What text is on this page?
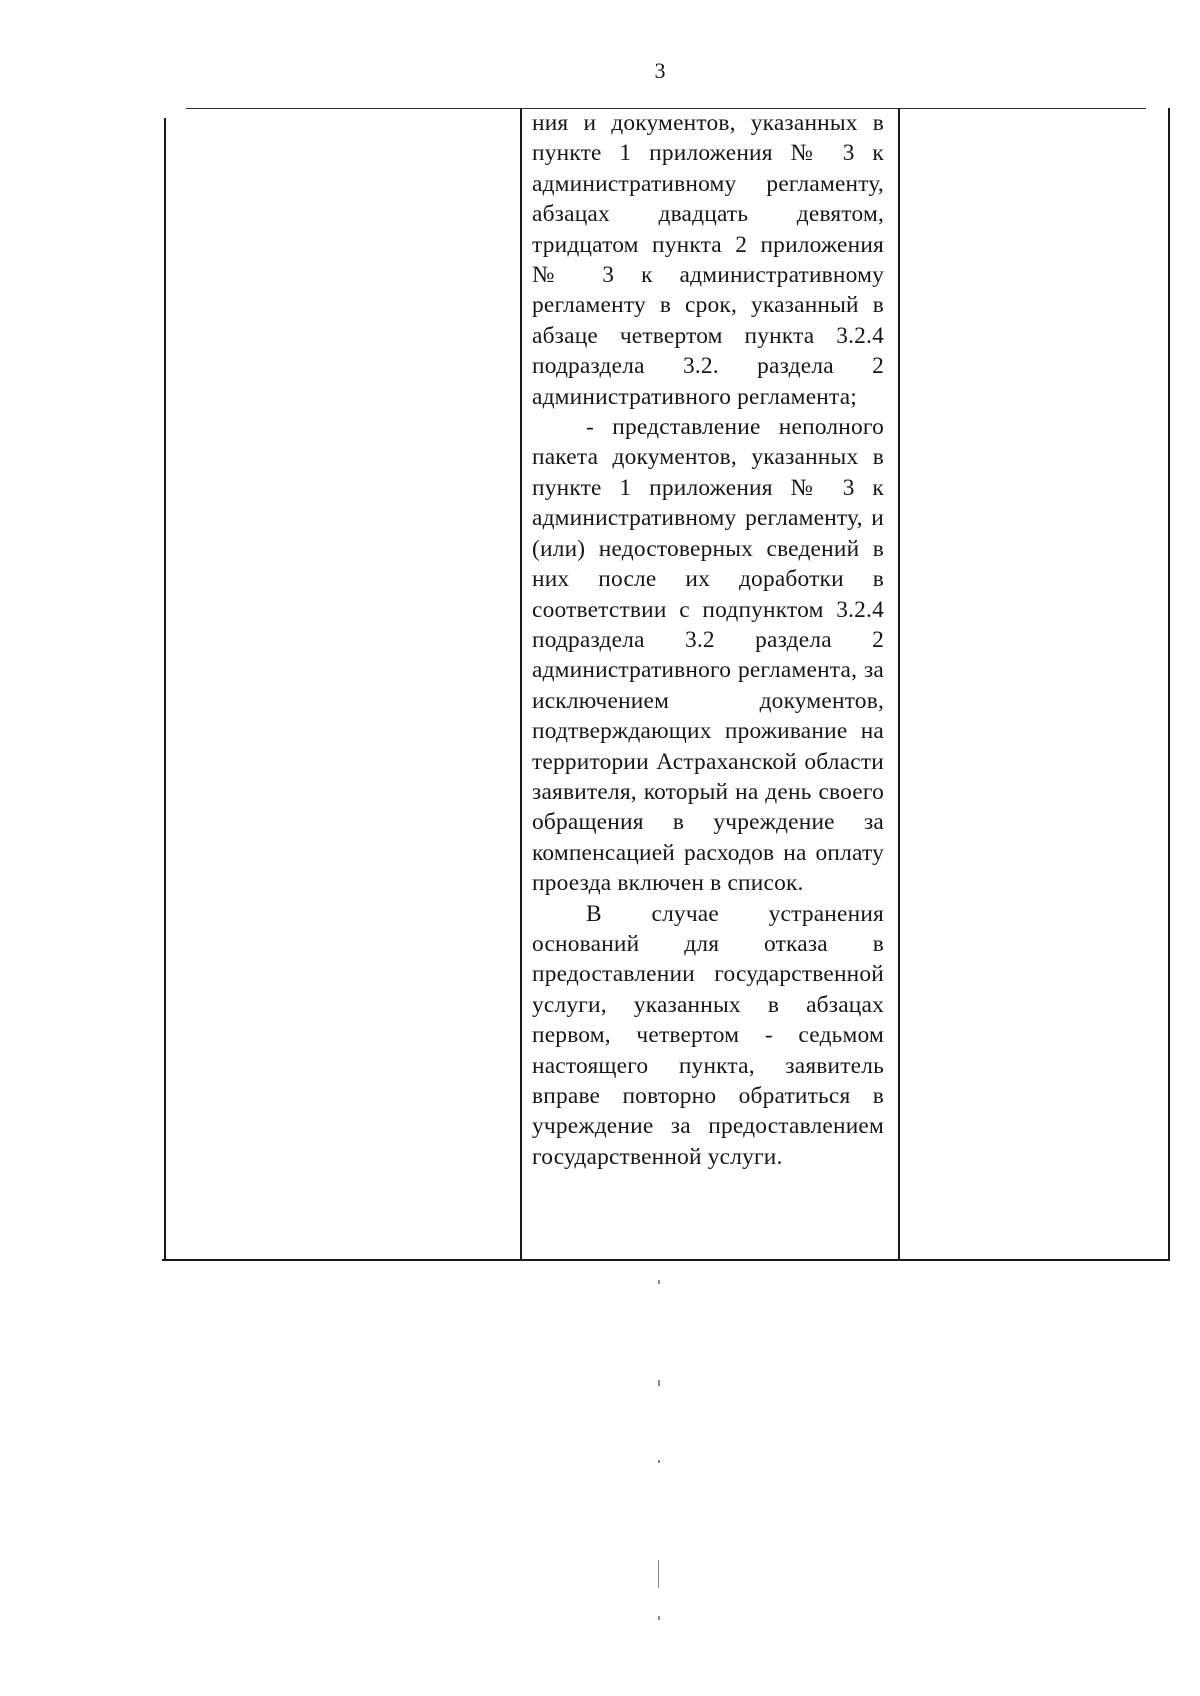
3

ния и документов, указанных в пункте 1 приложения № 3 к административному регламенту, абзацах двадцать девятом, тридцатом пункта 2 приложения № 3 к административному регламенту в срок, указанный в абзаце четвертом пункта 3.2.4 подраздела 3.2. раздела 2 административного регламента;

- представление неполного пакета документов, указанных в пункте 1 приложения № 3 к административному регламенту, и (или) недостоверных сведений в них после их доработки в соответствии с подпунктом 3.2.4 подраздела 3.2 раздела 2 административного регламента, за исключением документов, подтверждающих проживание на территории Астраханской области заявителя, который на день своего обращения в учреждение за компенсацией расходов на оплату проезда включен в список.

В случае устранения оснований для отказа в предоставлении государственной услуги, указанных в абзацах первом, четвертом - седьмом настоящего пункта, заявитель вправе повторно обратиться в учреждение за предоставлением государственной услуги.
